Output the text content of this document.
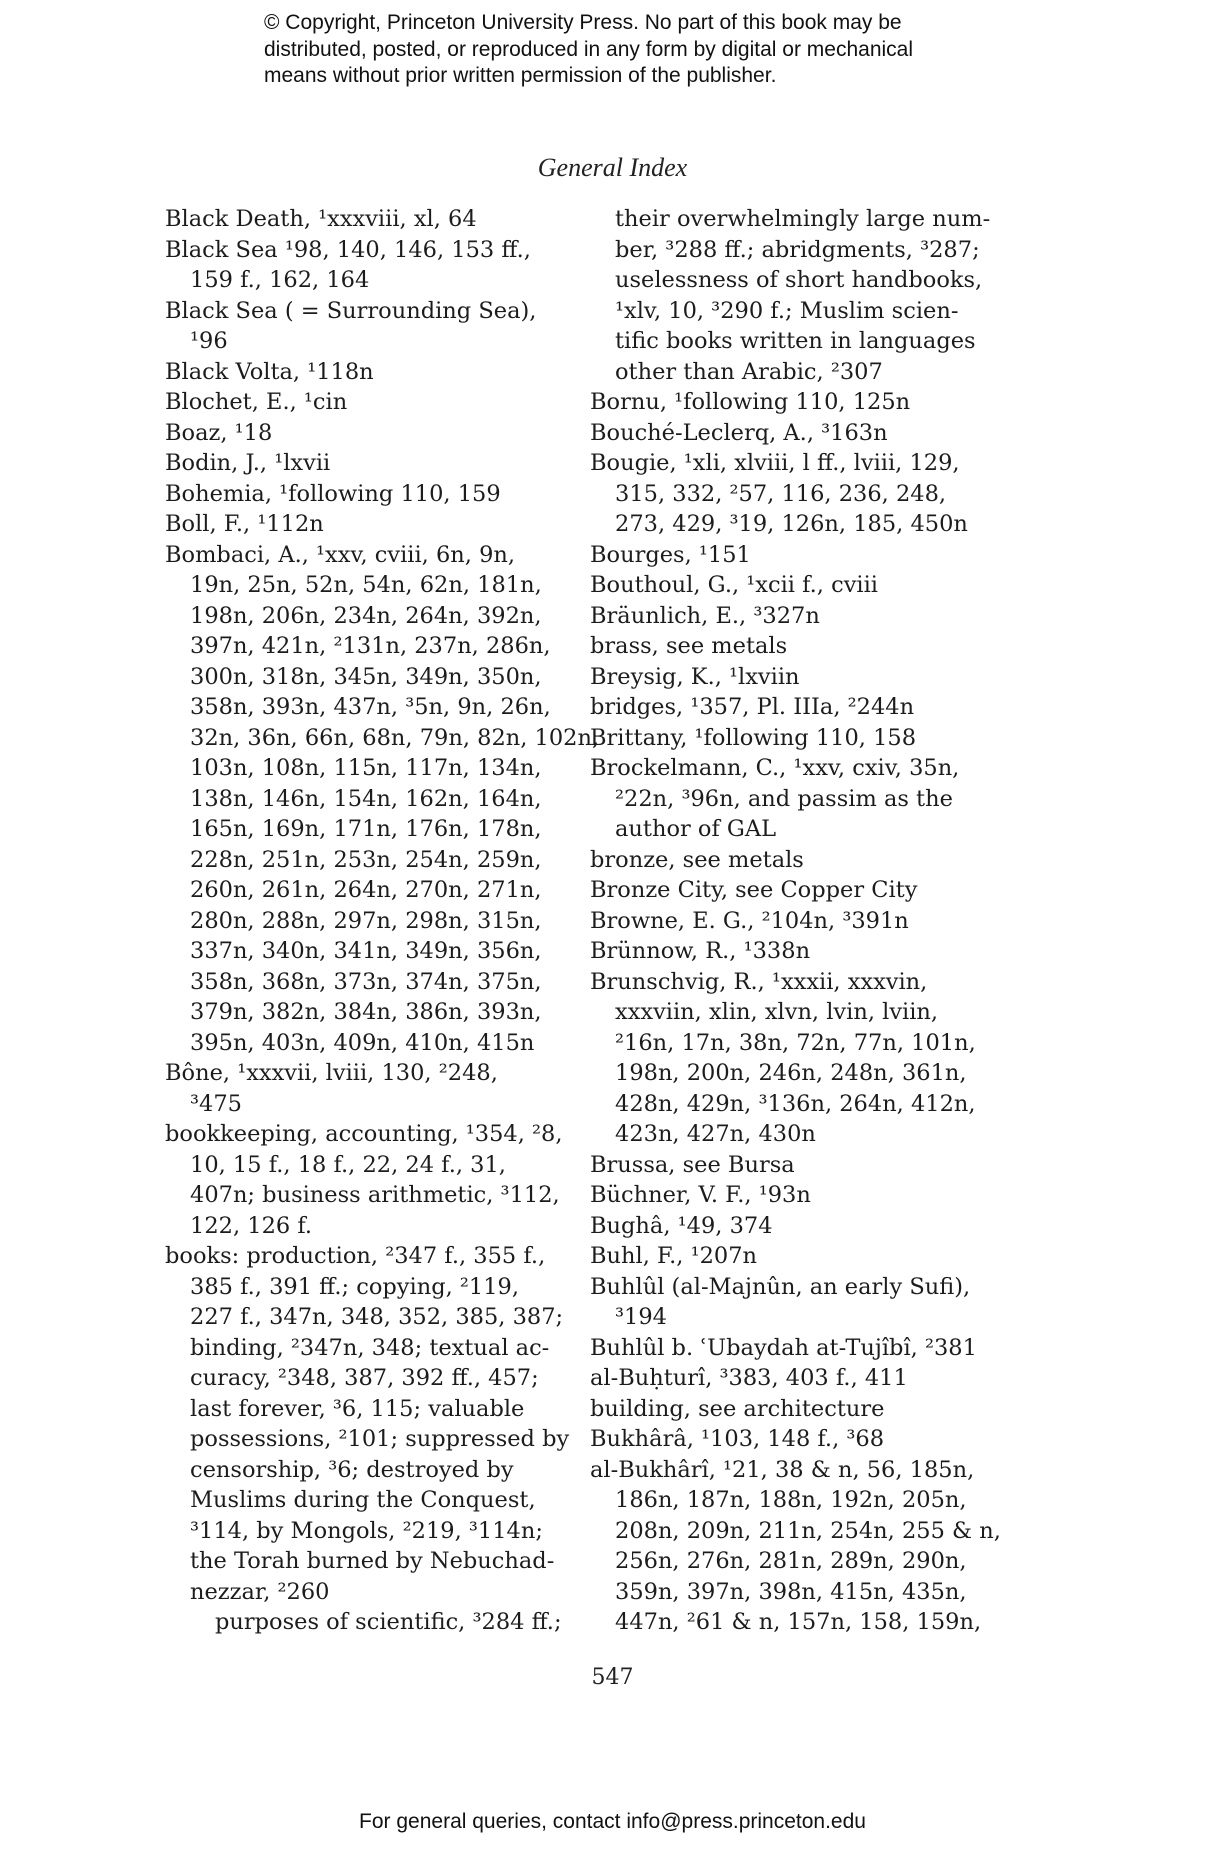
© Copyright, Princeton University Press. No part of this book may be
distributed, posted, or reproduced in any form by digital or mechanical
means without prior written permission of the publisher.
General Index
Black Death, ¹xxxviii, xl, 64
Black Sea ¹98, 140, 146, 153 ff.,
159 f., 162, 164
Black Sea ( = Surrounding Sea),
¹96
Black Volta, ¹118n
Blochet, E., ¹cin
Boaz, ¹18
Bodin, J., ¹lxvii
Bohemia, ¹following 110, 159
Boll, F., ¹112n
Bombaci, A., ¹xxv, cviii, 6n, 9n,
19n, 25n, 52n, 54n, 62n, 181n,
198n, 206n, 234n, 264n, 392n,
397n, 421n, ²131n, 237n, 286n,
300n, 318n, 345n, 349n, 350n,
358n, 393n, 437n, ³5n, 9n, 26n,
32n, 36n, 66n, 68n, 79n, 82n, 102n,
103n, 108n, 115n, 117n, 134n,
138n, 146n, 154n, 162n, 164n,
165n, 169n, 171n, 176n, 178n,
228n, 251n, 253n, 254n, 259n,
260n, 261n, 264n, 270n, 271n,
280n, 288n, 297n, 298n, 315n,
337n, 340n, 341n, 349n, 356n,
358n, 368n, 373n, 374n, 375n,
379n, 382n, 384n, 386n, 393n,
395n, 403n, 409n, 410n, 415n
Bône, ¹xxxvii, lviii, 130, ²248,
³475
bookkeeping, accounting, ¹354, ²8,
10, 15 f., 18 f., 22, 24 f., 31,
407n; business arithmetic, ³112,
122, 126 f.
books: production, ²347 f., 355 f.,
385 f., 391 ff.; copying, ²119,
227 f., 347n, 348, 352, 385, 387;
binding, ²347n, 348; textual ac-
curacy, ²348, 387, 392 ff., 457;
last forever, ³6, 115; valuable
possessions, ²101; suppressed by
censorship, ³6; destroyed by
Muslims during the Conquest,
³114, by Mongols, ²219, ³114n;
the Torah burned by Nebuchad-
nezzar, ²260
purposes of scientific, ³284 ff.;
their overwhelmingly large num-
ber, ³288 ff.; abridgments, ³287;
uselessness of short handbooks,
¹xlv, 10, ³290 f.; Muslim scien-
tific books written in languages
other than Arabic, ²307
Bornu, ¹following 110, 125n
Bouché-Leclerq, A., ³163n
Bougie, ¹xli, xlviii, l ff., lviii, 129,
315, 332, ²57, 116, 236, 248,
273, 429, ³19, 126n, 185, 450n
Bourges, ¹151
Bouthoul, G., ¹xcii f., cviii
Bräunlich, E., ³327n
brass, see metals
Breysig, K., ¹lxviin
bridges, ¹357, Pl. IIIa, ²244n
Brittany, ¹following 110, 158
Brockelmann, C., ¹xxv, cxiv, 35n,
²22n, ³96n, and passim as the
author of GAL
bronze, see metals
Bronze City, see Copper City
Browne, E. G., ²104n, ³391n
Brünnow, R., ¹338n
Brunschvig, R., ¹xxxii, xxxvin,
xxxviin, xlin, xlvn, lvin, lviin,
²16n, 17n, 38n, 72n, 77n, 101n,
198n, 200n, 246n, 248n, 361n,
428n, 429n, ³136n, 264n, 412n,
423n, 427n, 430n
Brussa, see Bursa
Büchner, V. F., ¹93n
Bughâ, ¹49, 374
Buhl, F., ¹207n
Buhlûl (al-Majnûn, an early Sufi),
³194
Buhlûl b. ʿUbaydah at-Tujîbî, ²381
al-Buḥturî, ³383, 403 f., 411
building, see architecture
Bukhârâ, ¹103, 148 f., ³68
al-Bukhârî, ¹21, 38 & n, 56, 185n,
186n, 187n, 188n, 192n, 205n,
208n, 209n, 211n, 254n, 255 & n,
256n, 276n, 281n, 289n, 290n,
359n, 397n, 398n, 415n, 435n,
447n, ²61 & n, 157n, 158, 159n,
547
For general queries, contact info@press.princeton.edu
